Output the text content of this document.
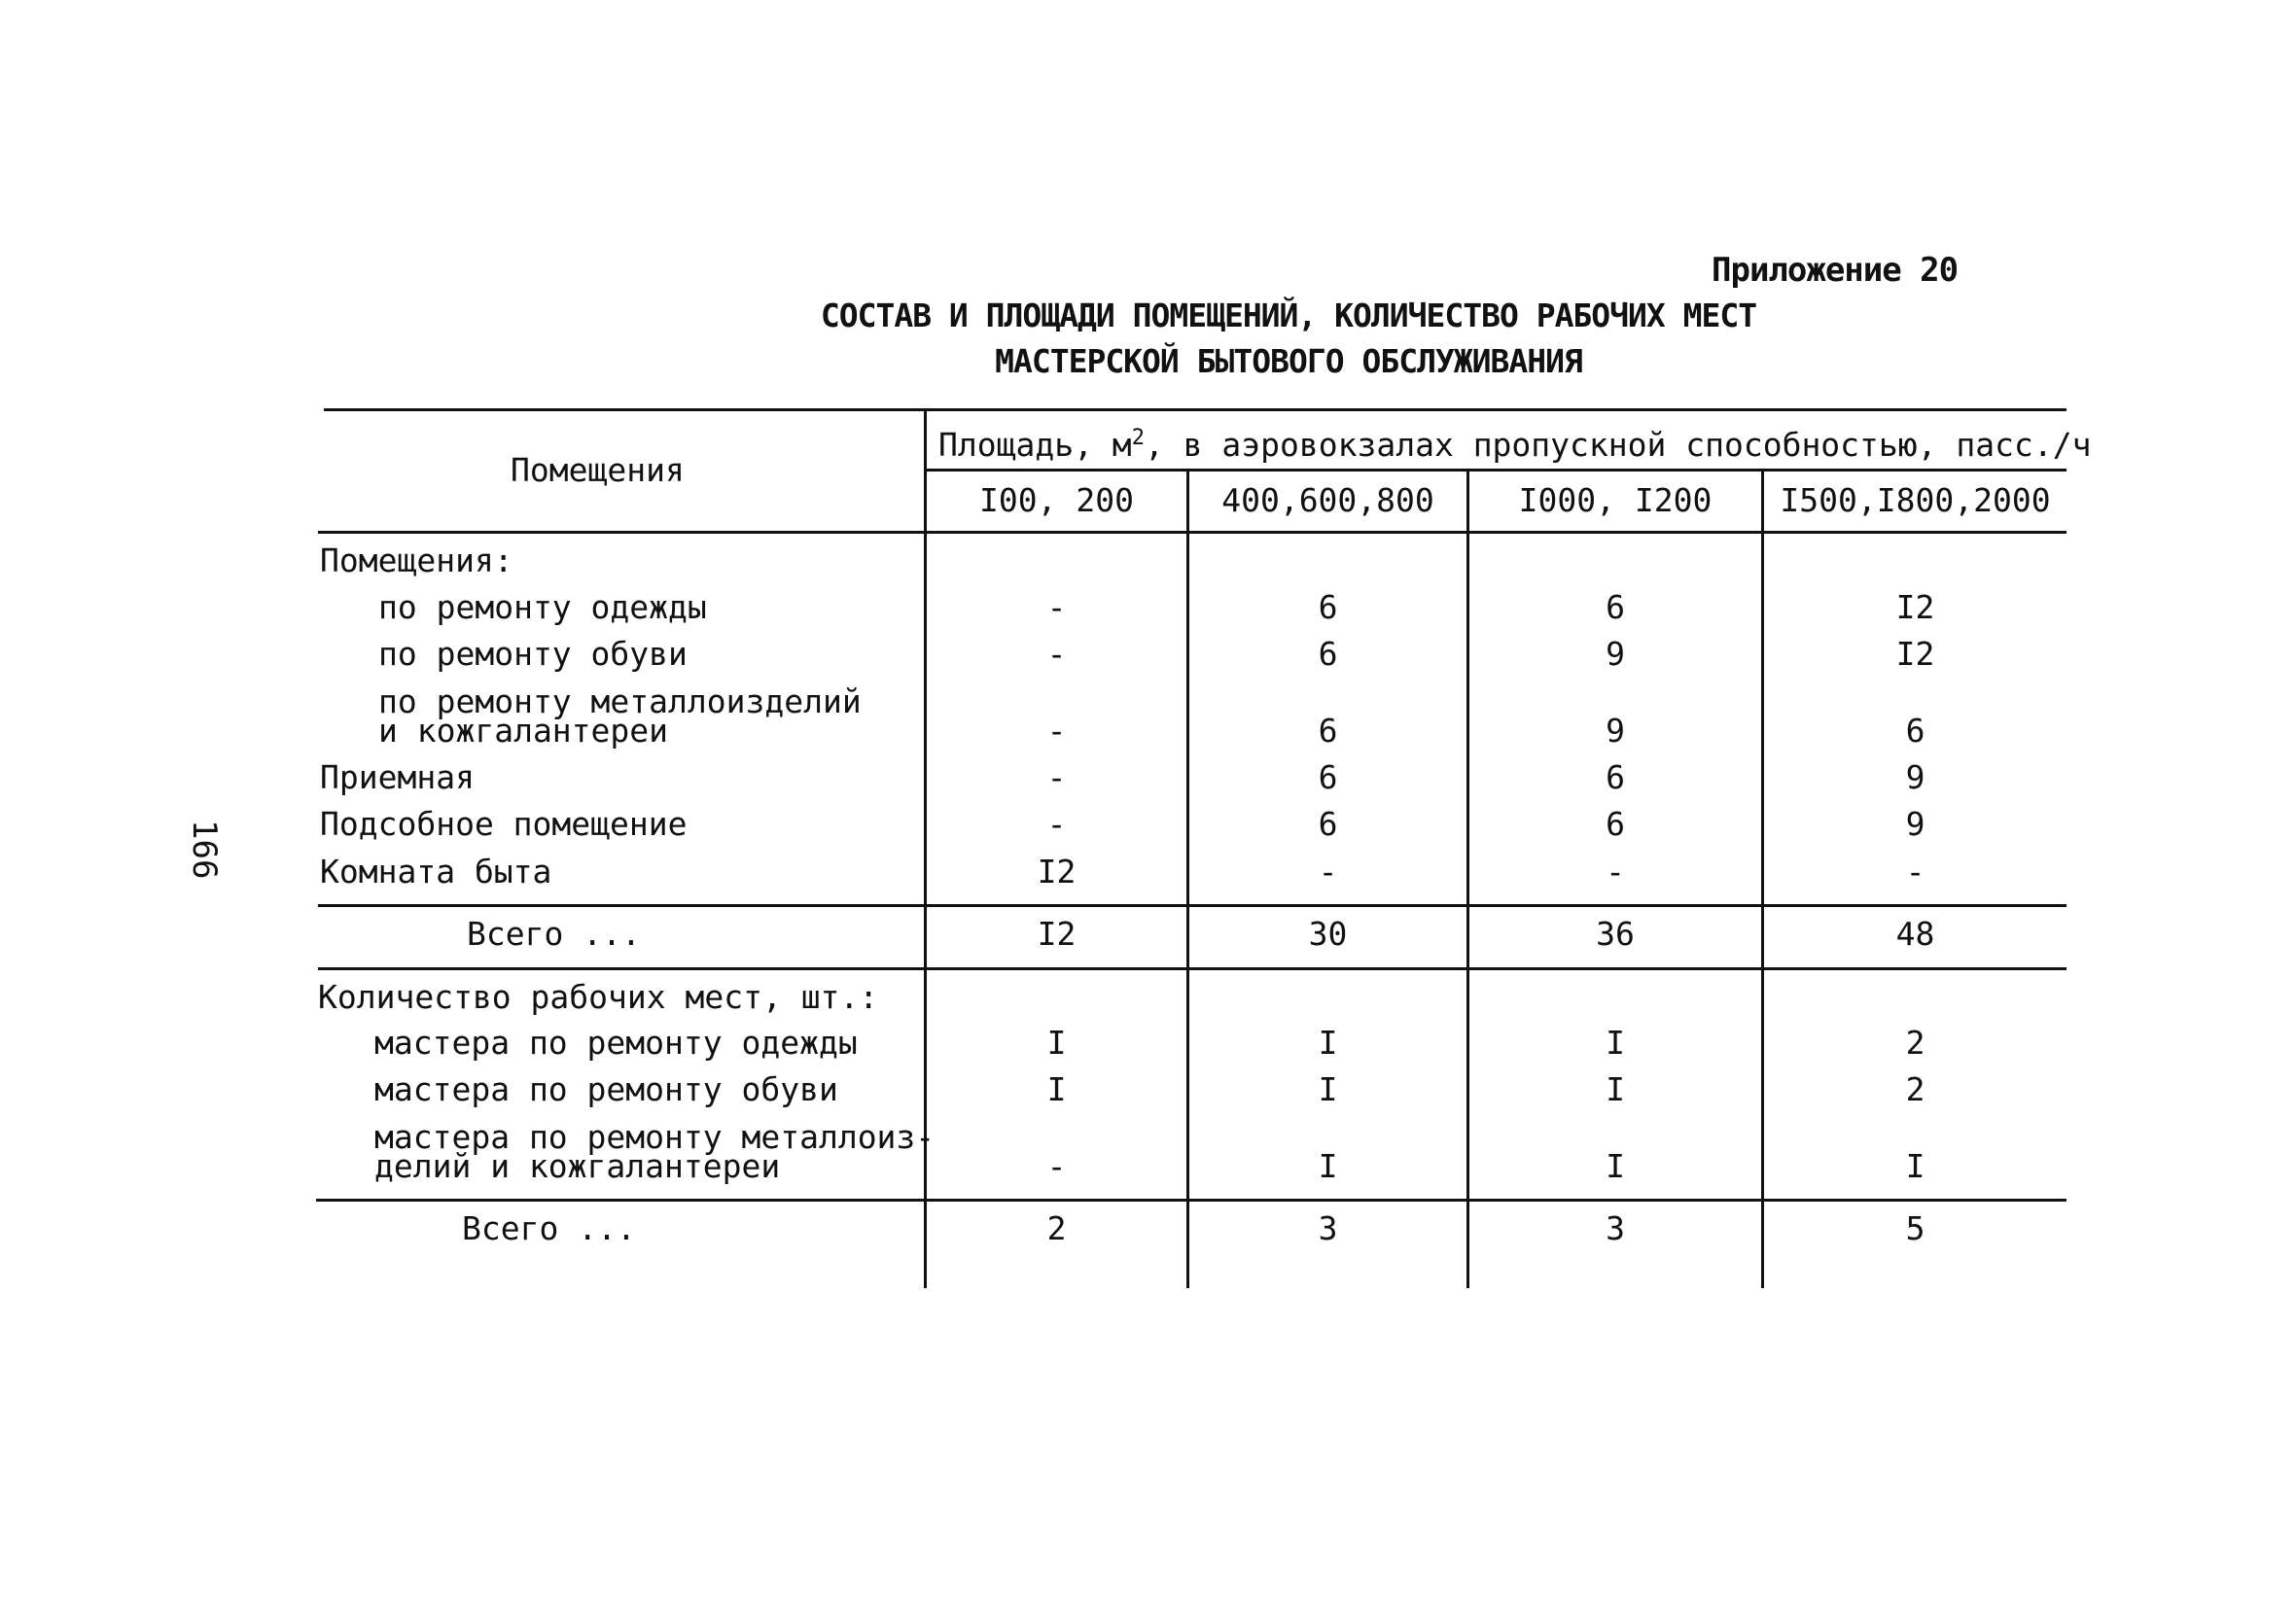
166
Приложение 20
СОСТАВ И ПЛОЩАДИ ПОМЕЩЕНИЙ, КОЛИЧЕСТВО РАБОЧИХ МЕСТ
МАСТЕРСКОЙ БЫТОВОГО ОБСЛУЖИВАНИЯ
Помещения
Площадь, $м^2$, в аэровокзалах пропускной способностью, пасс./ч
I00, 200	400,600,800	I000, I200	I500,I800,2000
Помещения:
по ремонту одежды	-	6	6	I2
по ремонту обуви	-	6	9	I2
по ремонту металлоизделий
и кожгалантереи	-	6	9	6
Приемная	-	6	6	9
Подсобное помещение	-	6	6	9
Комната быта	I2	-	-	-
Всего ...	I2	30	36	48
Количество рабочих мест, шт.:
мастера по ремонту одежды	I	I	I	2
мастера по ремонту обуви	I	I	I	2
мастера по ремонту металлоиз-
делий и кожгалантереи	-	I	I	I
Всего ...	2	3	3	5
